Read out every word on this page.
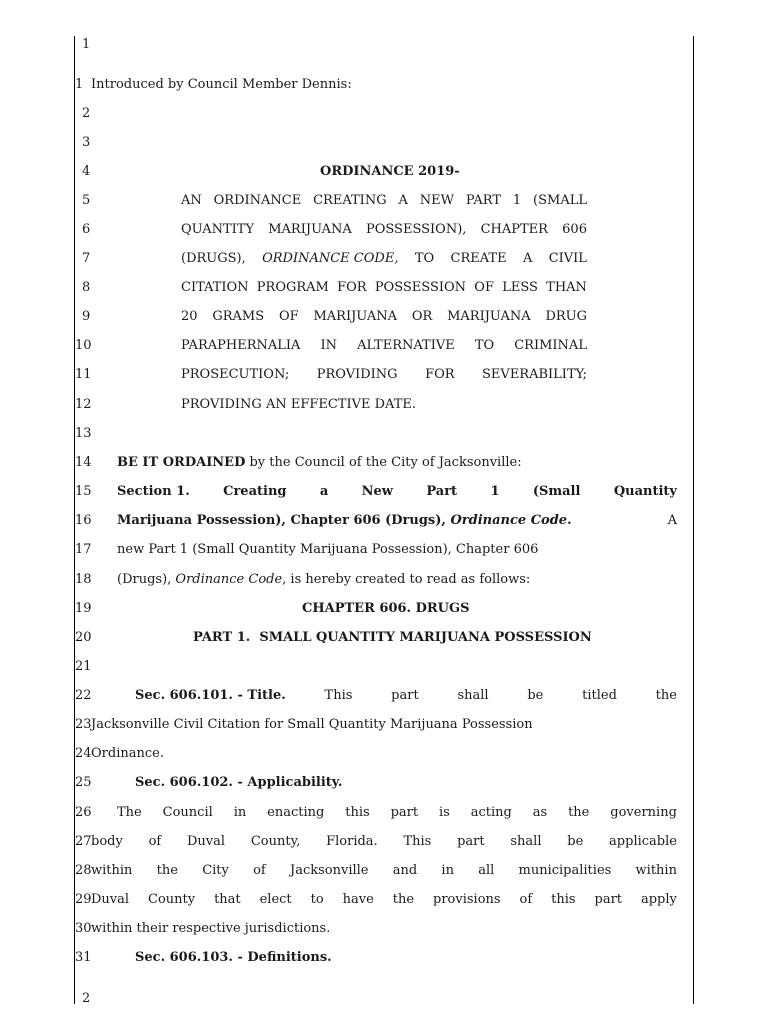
1
1 Introduced by Council Member Dennis:
2
3
4	ORDINANCE 2019-
5	AN ORDINANCE CREATING A NEW PART 1 (SMALL
6	QUANTITY MARIJUANA POSSESSION), CHAPTER 606
7	(DRUGS), ORDINANCE CODE, TO CREATE A CIVIL
8	CITATION PROGRAM FOR POSSESSION OF LESS THAN
9	20 GRAMS OF MARIJUANA OR MARIJUANA DRUG
10	PARAPHERNALIA IN ALTERNATIVE TO CRIMINAL
11	PROSECUTION; PROVIDING FOR SEVERABILITY;
12	PROVIDING AN EFFECTIVE DATE.
13
14 BE IT ORDAINED by the Council of the City of Jacksonville:
15 Section 1.	Creating	a	New	Part	1	(Small	Quantity
16 Marijuana Possession), Chapter 606 (Drugs), Ordinance Code.	A
17 new Part 1 (Small Quantity Marijuana Possession), Chapter 606
18 (Drugs), Ordinance Code, is hereby created to read as follows:
19	CHAPTER 606. DRUGS
20	PART 1.  SMALL QUANTITY MARIJUANA POSSESSION
21
22	Sec. 606.101. - Title.	This	part	shall	be	titled	the
23 Jacksonville Civil Citation for Small Quantity Marijuana Possession
24 Ordinance.
25	Sec. 606.102. - Applicability.
26 The Council in enacting this part is acting as the governing
27 body of Duval County, Florida. This part shall be applicable
28 within the City of Jacksonville and in all municipalities within
29 Duval County that elect to have the provisions of this part apply
30 within their respective jurisdictions.
31	Sec. 606.103. - Definitions.
2
